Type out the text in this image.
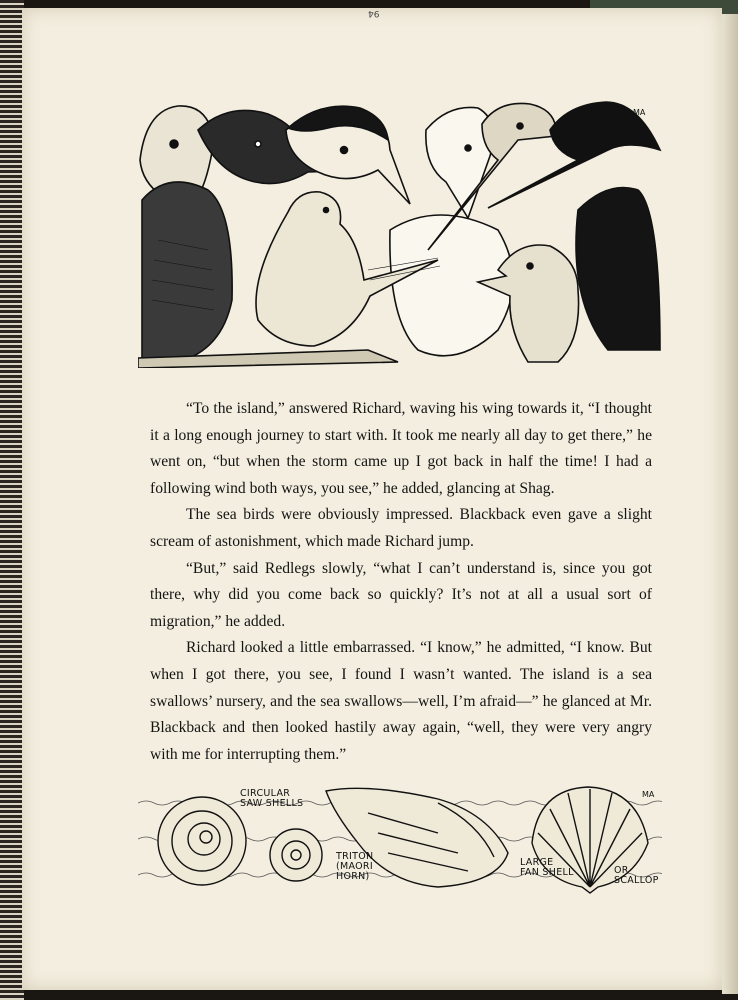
94
MA

“To the island,” answered Richard, waving his wing towards it, “I thought it a long enough journey to start with. It took me nearly all day to get there,” he went on, “but when the storm came up I got back in half the time! I had a following wind both ways, you see,” he added, glancing at Shag.

The sea birds were obviously impressed. Blackback even gave a slight scream of astonishment, which made Richard jump.

“But,” said Redlegs slowly, “what I can’t understand is, since you got there, why did you come back so quickly? It’s not at all a usual sort of migration,” he added.

Richard looked a little embarrassed. “I know,” he admitted, “I know. But when I got there, you see, I found I wasn’t wanted. The island is a sea swallows’ nursery, and the sea swallows—well, I’m afraid—” he glanced at Mr. Blackback and then looked hastily away again, “well, they were very angry with me for interrupting them.”

CIRCULAR
SAW SHELLS
TRITON
(MAORI
HORN)
LARGE
FAN SHELL	OR
SCALLOP
MA
